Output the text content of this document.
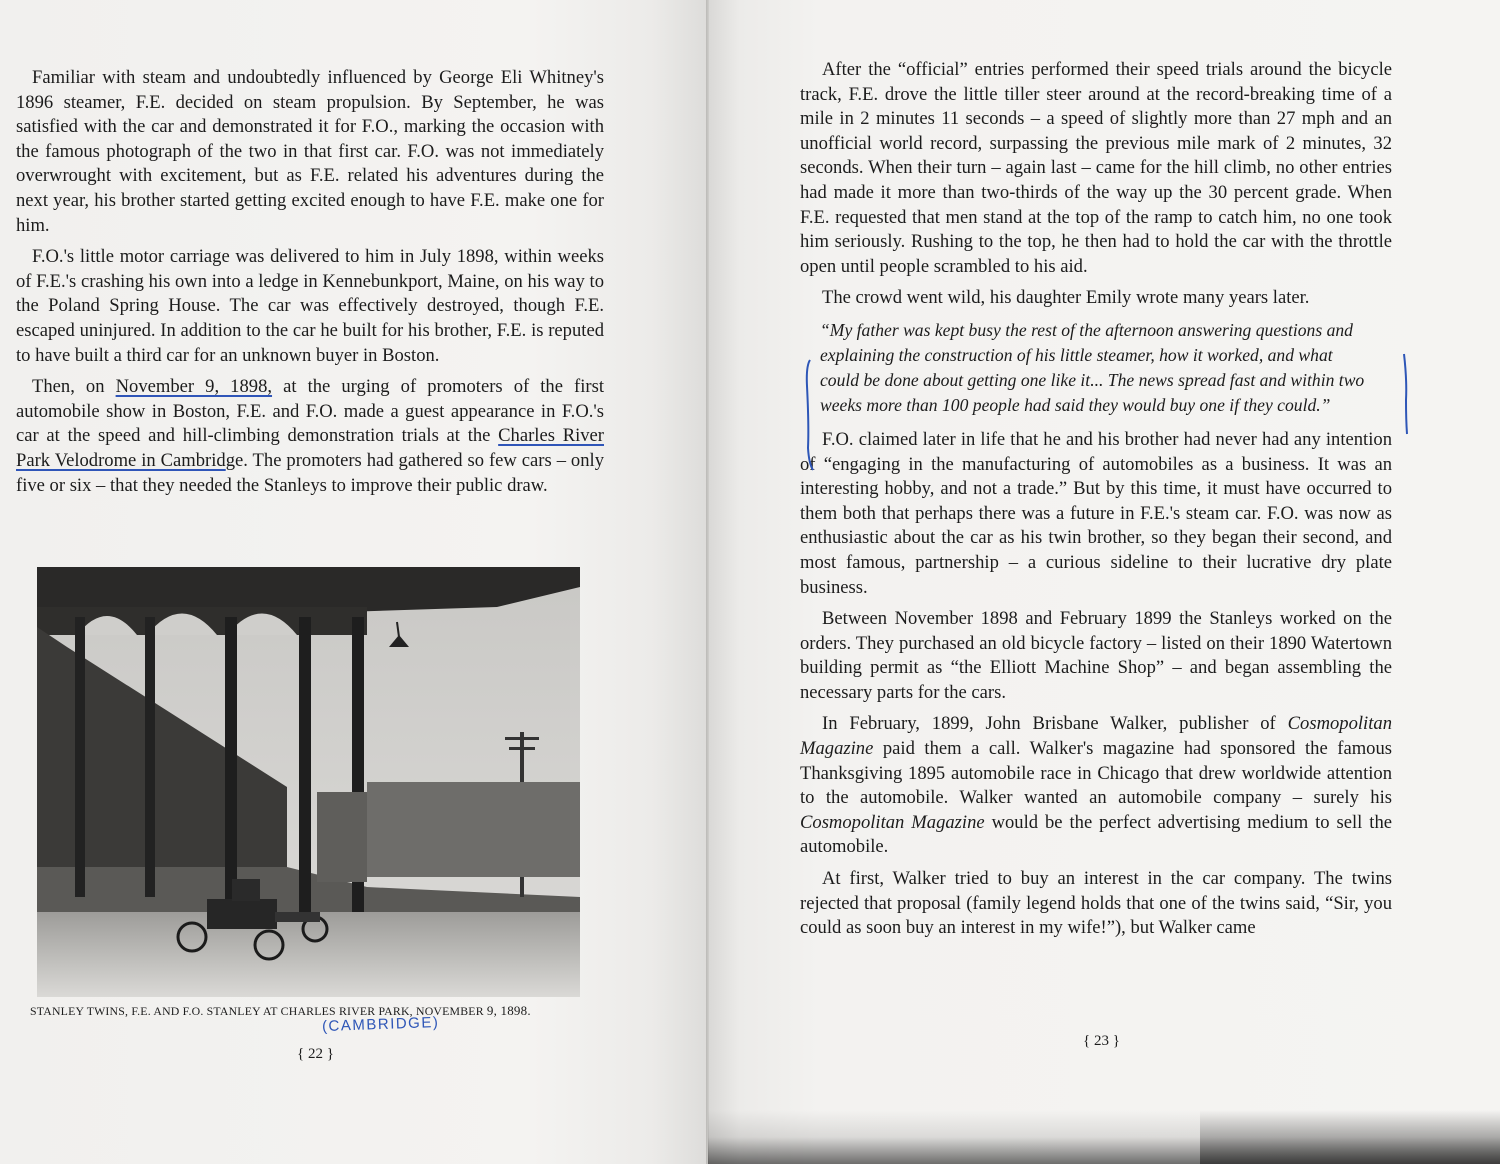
Familiar with steam and undoubtedly influenced by George Eli Whitney's 1896 steamer, F.E. decided on steam propulsion. By September, he was satisfied with the car and demonstrated it for F.O., marking the occasion with the famous photograph of the two in that first car. F.O. was not immediately overwrought with excitement, but as F.E. related his adventures during the next year, his brother started getting excited enough to have F.E. make one for him.

F.O.'s little motor carriage was delivered to him in July 1898, within weeks of F.E.'s crashing his own into a ledge in Kennebunkport, Maine, on his way to the Poland Spring House. The car was effectively destroyed, though F.E. escaped uninjured. In addition to the car he built for his brother, F.E. is reputed to have built a third car for an unknown buyer in Boston.

Then, on November 9, 1898, at the urging of promoters of the first automobile show in Boston, F.E. and F.O. made a guest appearance in F.O.'s car at the speed and hill-climbing demonstration trials at the Charles River Park Velodrome in Cambridge. The promoters had gathered so few cars – only five or six – that they needed the Stanleys to improve their public draw.

STANLEY TWINS, F.E. AND F.O. STANLEY AT CHARLES RIVER PARK, NOVEMBER 9, 1898.
(CAMBRIDGE)
{ 22 }

After the “official” entries performed their speed trials around the bicycle track, F.E. drove the little tiller steer around at the record-breaking time of a mile in 2 minutes 11 seconds – a speed of slightly more than 27 mph and an unofficial world record, surpassing the previous mile mark of 2 minutes, 32 seconds. When their turn – again last – came for the hill climb, no other entries had made it more than two-thirds of the way up the 30 percent grade. When F.E. requested that men stand at the top of the ramp to catch him, no one took him seriously. Rushing to the top, he then had to hold the car with the throttle open until people scrambled to his aid.

The crowd went wild, his daughter Emily wrote many years later.

“My father was kept busy the rest of the afternoon answering questions and explaining the construction of his little steamer, how it worked, and what could be done about getting one like it... The news spread fast and within two weeks more than 100 people had said they would buy one if they could.”

F.O. claimed later in life that he and his brother had never had any intention of “engaging in the manufacturing of automobiles as a business. It was an interesting hobby, and not a trade.” But by this time, it must have occurred to them both that perhaps there was a future in F.E.'s steam car. F.O. was now as enthusiastic about the car as his twin brother, so they began their second, and most famous, partnership – a curious sideline to their lucrative dry plate business.

Between November 1898 and February 1899 the Stanleys worked on the orders. They purchased an old bicycle factory – listed on their 1890 Watertown building permit as “the Elliott Machine Shop” – and began assembling the necessary parts for the cars.

In February, 1899, John Brisbane Walker, publisher of Cosmopolitan Magazine paid them a call. Walker's magazine had sponsored the famous Thanksgiving 1895 automobile race in Chicago that drew worldwide attention to the automobile. Walker wanted an automobile company – surely his Cosmopolitan Magazine would be the perfect advertising medium to sell the automobile.

At first, Walker tried to buy an interest in the car company. The twins rejected that proposal (family legend holds that one of the twins said, “Sir, you could as soon buy an interest in my wife!”), but Walker came

{ 23 }
